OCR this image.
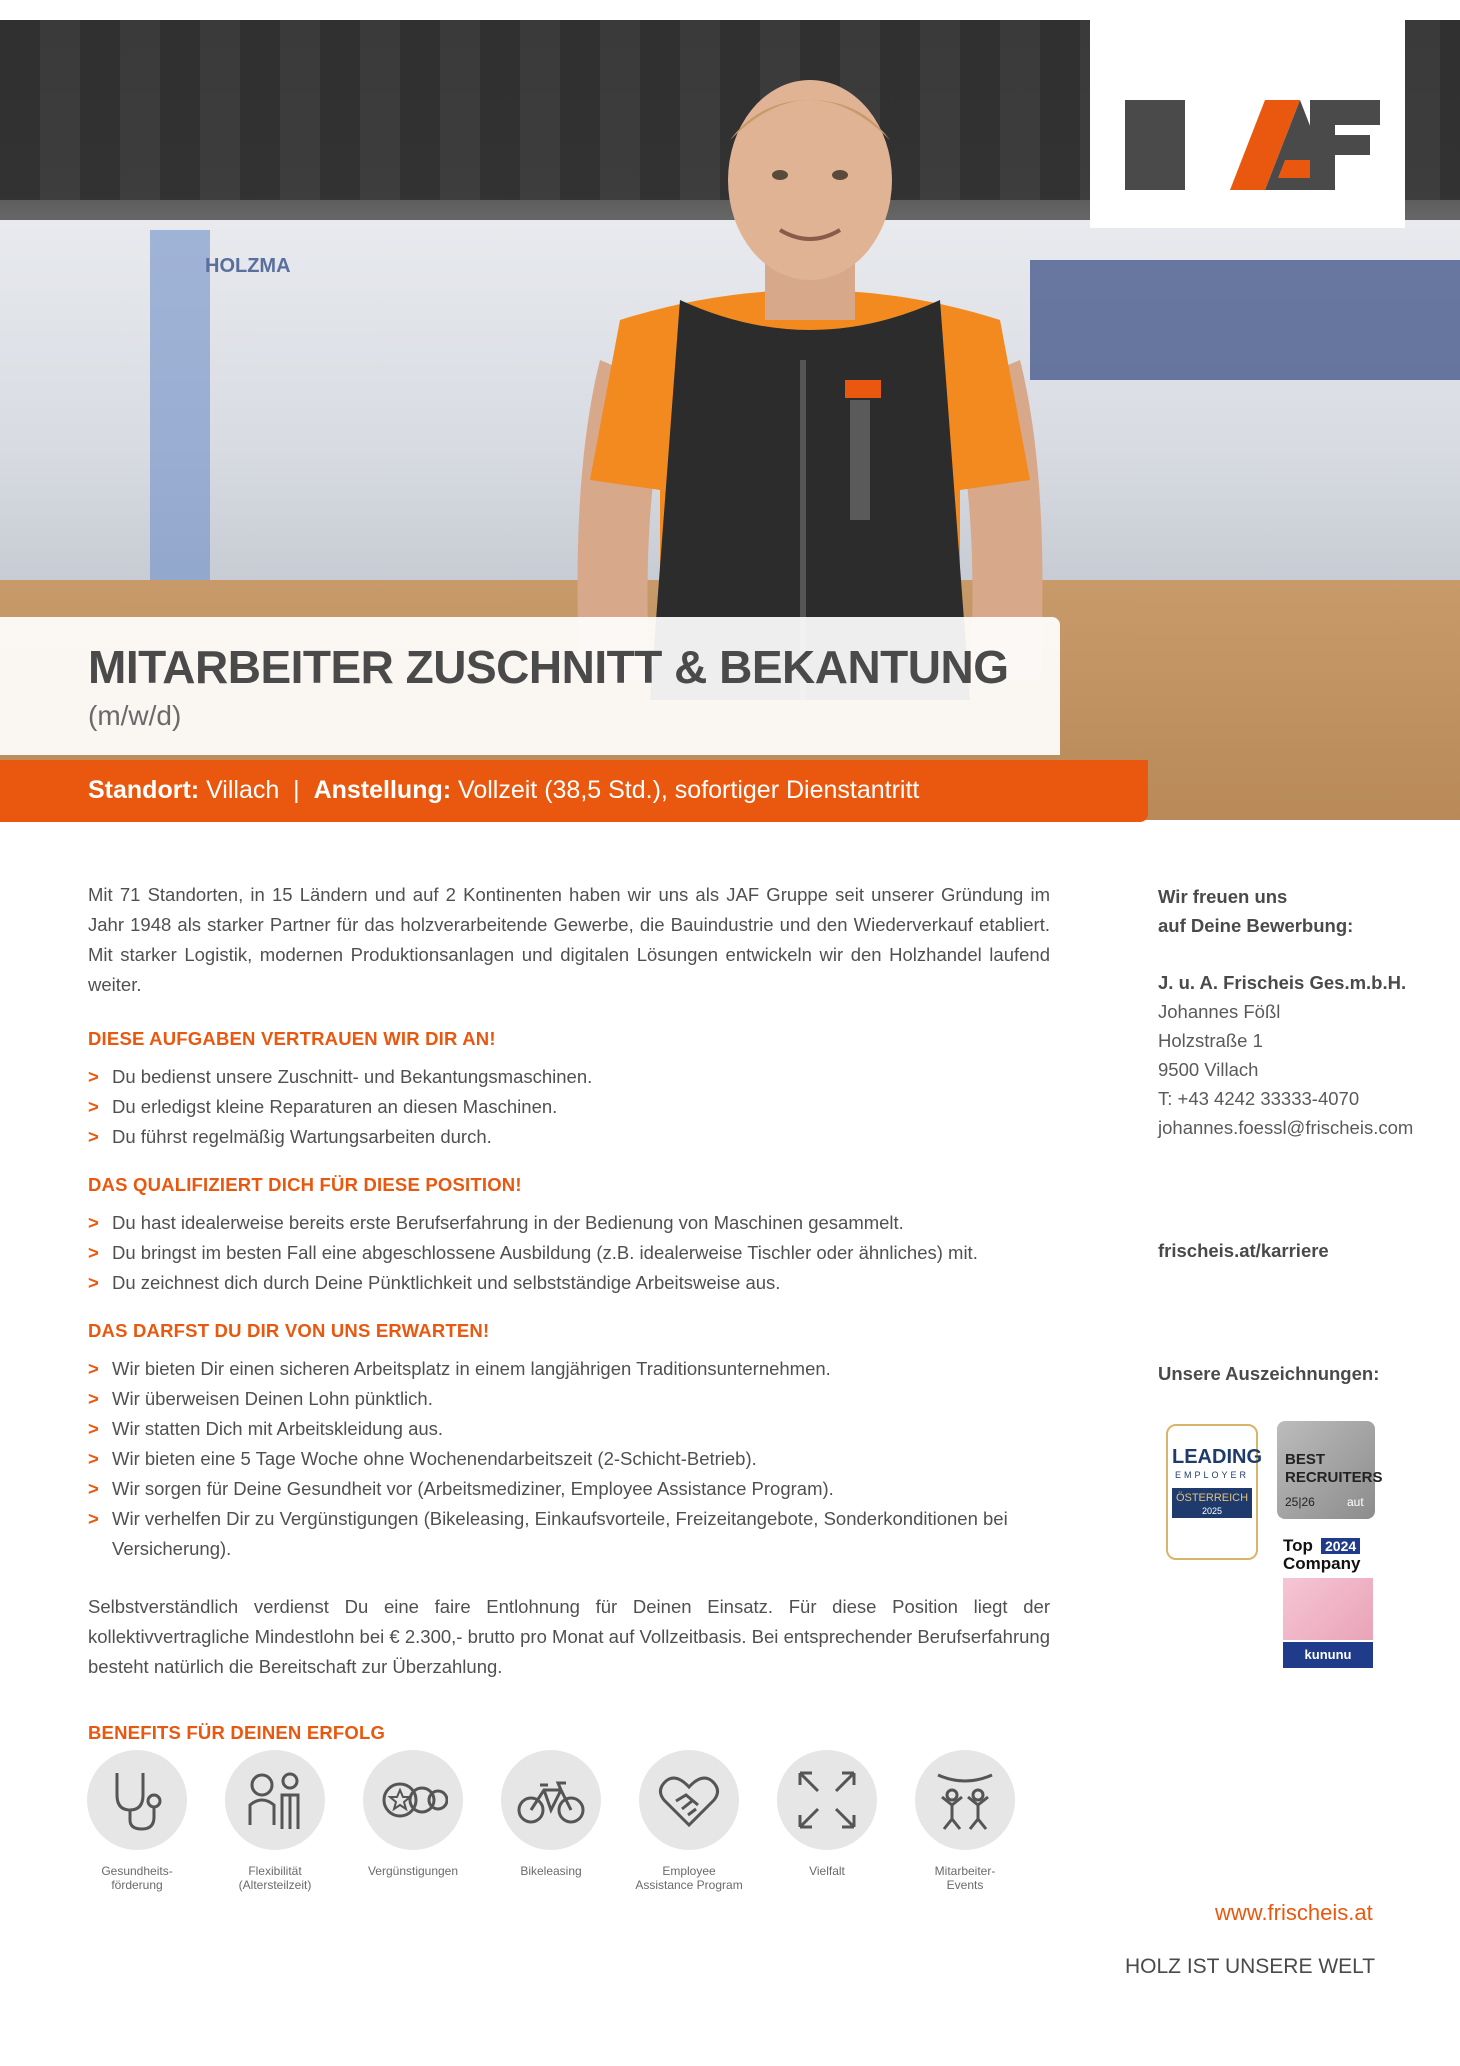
HOLZMA
MITARBEITER ZUSCHNITT & BEKANTUNG

(m/w/d)

Standort: Villach | Anstellung: Vollzeit (38,5 Std.), sofortiger Dienstantritt

Mit 71 Standorten, in 15 Ländern und auf 2 Kontinenten haben wir uns als JAF Gruppe seit unserer Gründung im Jahr 1948 als starker Partner für das holzverarbeitende Gewerbe, die Bauindustrie und den Wiederverkauf etabliert. Mit starker Logistik, modernen Produktionsanlagen und digitalen Lösungen entwickeln wir den Holzhandel laufend weiter.

DIESE AUFGABEN VERTRAUEN WIR DIR AN!
> Du bedienst unsere Zuschnitt- und Bekantungsmaschinen.
> Du erledigst kleine Reparaturen an diesen Maschinen.
> Du führst regelmäßig Wartungsarbeiten durch.
DAS QUALIFIZIERT DICH FÜR DIESE POSITION!
> Du hast idealerweise bereits erste Berufserfahrung in der Bedienung von Maschinen gesammelt.
> Du bringst im besten Fall eine abgeschlossene Ausbildung (z.B. idealerweise Tischler oder ähnliches) mit.
> Du zeichnest dich durch Deine Pünktlichkeit und selbstständige Arbeitsweise aus.
DAS DARFST DU DIR VON UNS ERWARTEN!
> Wir bieten Dir einen sicheren Arbeitsplatz in einem langjährigen Traditionsunternehmen.
> Wir überweisen Deinen Lohn pünktlich.
> Wir statten Dich mit Arbeitskleidung aus.
> Wir bieten eine 5 Tage Woche ohne Wochenendarbeitszeit (2-Schicht-Betrieb).
> Wir sorgen für Deine Gesundheit vor (Arbeitsmediziner, Employee Assistance Program).
> Wir verhelfen Dir zu Vergünstigungen (Bikeleasing, Einkaufsvorteile, Freizeitangebote, Sonderkonditionen bei Versicherung).

Selbstverständlich verdienst Du eine faire Entlohnung für Deinen Einsatz. Für diese Position liegt der kollektivvertragliche Mindestlohn bei € 2.300,- brutto pro Monat auf Vollzeitbasis. Bei entsprechender Berufserfahrung besteht natürlich die Bereitschaft zur Überzahlung.

BENEFITS FÜR DEINEN ERFOLG
Gesundheits-
förderung
Flexibilität
(Altersteilzeit)
Vergünstigungen	Bikeleasing	Employee
Assistance Program
Vielfalt	Mitarbeiter-
Events
Wir freuen uns
auf Deine Bewerbung:
J. u. A. Frischeis Ges.m.b.H.
Johannes Fößl
Holzstraße 1
9500 Villach
T: +43 4242 33333-4070
johannes.foessl@frischeis.com
frischeis.at/karriere
Unsere Auszeichnungen:
LEADING
EMPLOYER
ÖSTERREICH
2025
BEST
RECRUITERS
25|26	aut
Top 2024
Company
kununu
www.frischeis.at
HOLZ IST UNSERE WELT
